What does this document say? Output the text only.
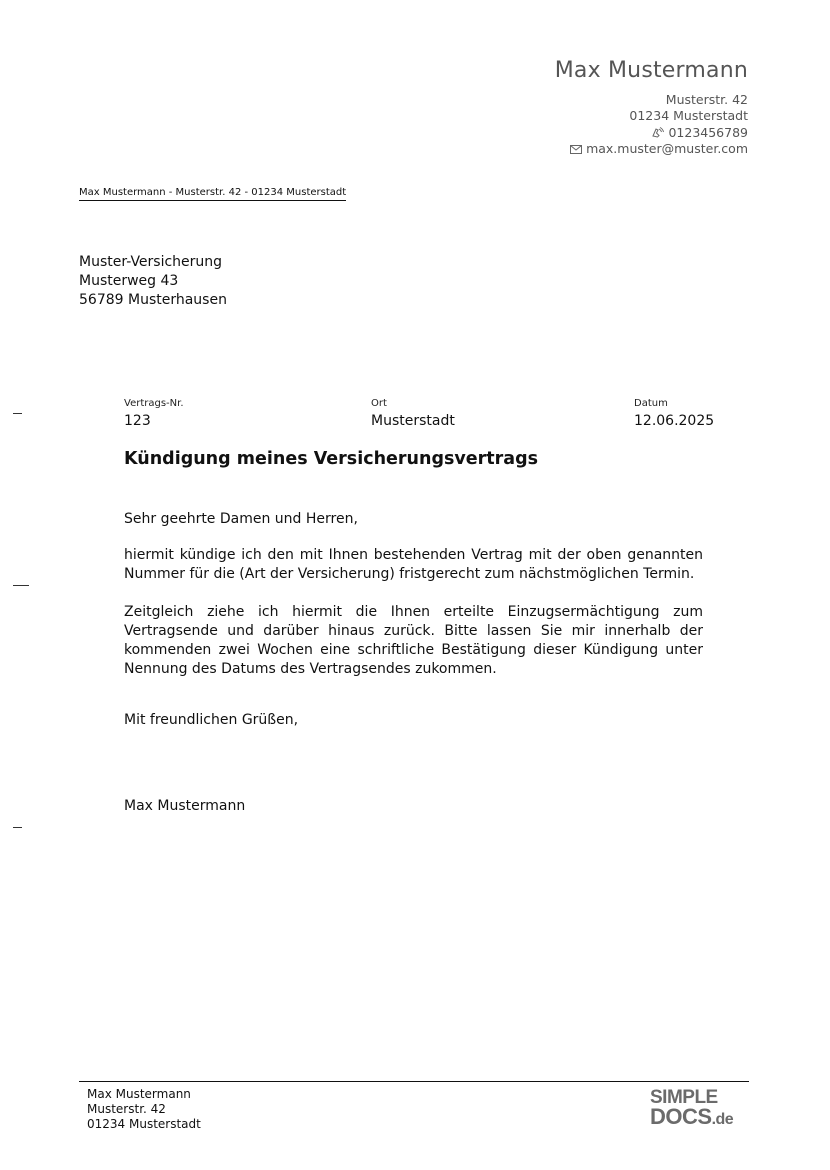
Max Mustermann
Musterstr. 42
01234 Musterstadt
0123456789
max.muster@muster.com
Max Mustermann - Musterstr. 42 - 01234 Musterstadt
Muster-Versicherung
Musterweg 43
56789 Musterhausen
Vertrags-Nr.
123
Ort
Musterstadt
Datum
12.06.2025
Kündigung meines Versicherungsvertrags
Sehr geehrte Damen und Herren,
hiermit kündige ich den mit Ihnen bestehenden Vertrag mit der oben genannten Nummer für die (Art der Versicherung) fristgerecht zum nächstmöglichen Termin.
Zeitgleich ziehe ich hiermit die Ihnen erteilte Einzugsermächtigung zum Vertragsende und darüber hinaus zurück. Bitte lassen Sie mir innerhalb der kommenden zwei Wochen eine schriftliche Bestätigung dieser Kündigung unter Nennung des Datums des Vertragsendes zukommen.
Mit freundlichen Grüßen,
Max Mustermann
Max Mustermann
Musterstr. 42
01234 Musterstadt
SIMPLE
DOCS.de
